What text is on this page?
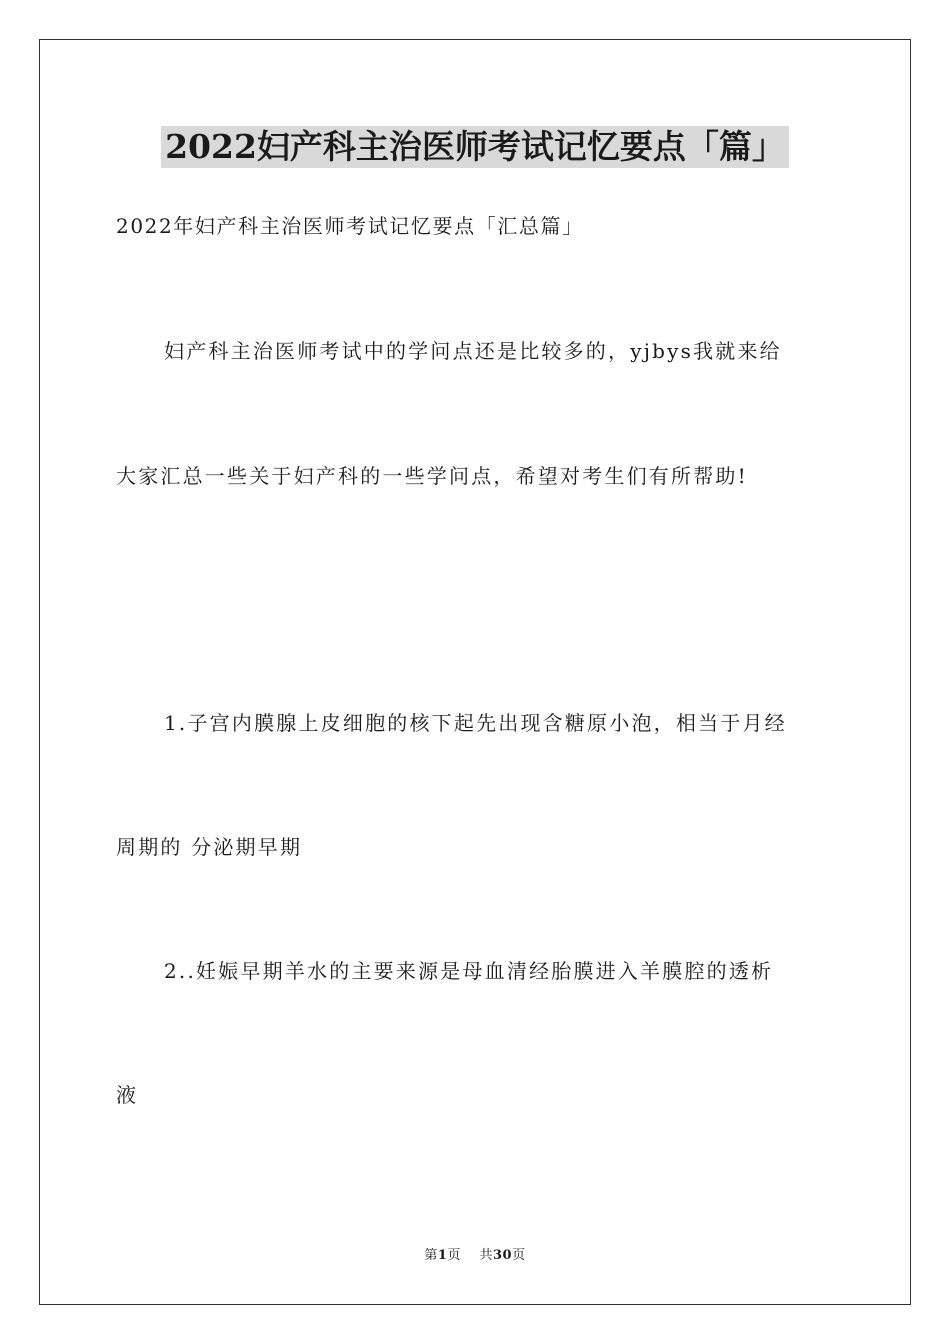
2022妇产科主治医师考试记忆要点「篇」
2022年妇产科主治医师考试记忆要点「汇总篇」
妇产科主治医师考试中的学问点还是比较多的，yjbys我就来给
大家汇总一些关于妇产科的一些学问点，希望对考生们有所帮助!
1.子宫内膜腺上皮细胞的核下起先出现含糖原小泡，相当于月经
周期的 分泌期早期
2..妊娠早期羊水的主要来源是母血清经胎膜进入羊膜腔的透析
液
第1页 共30页
